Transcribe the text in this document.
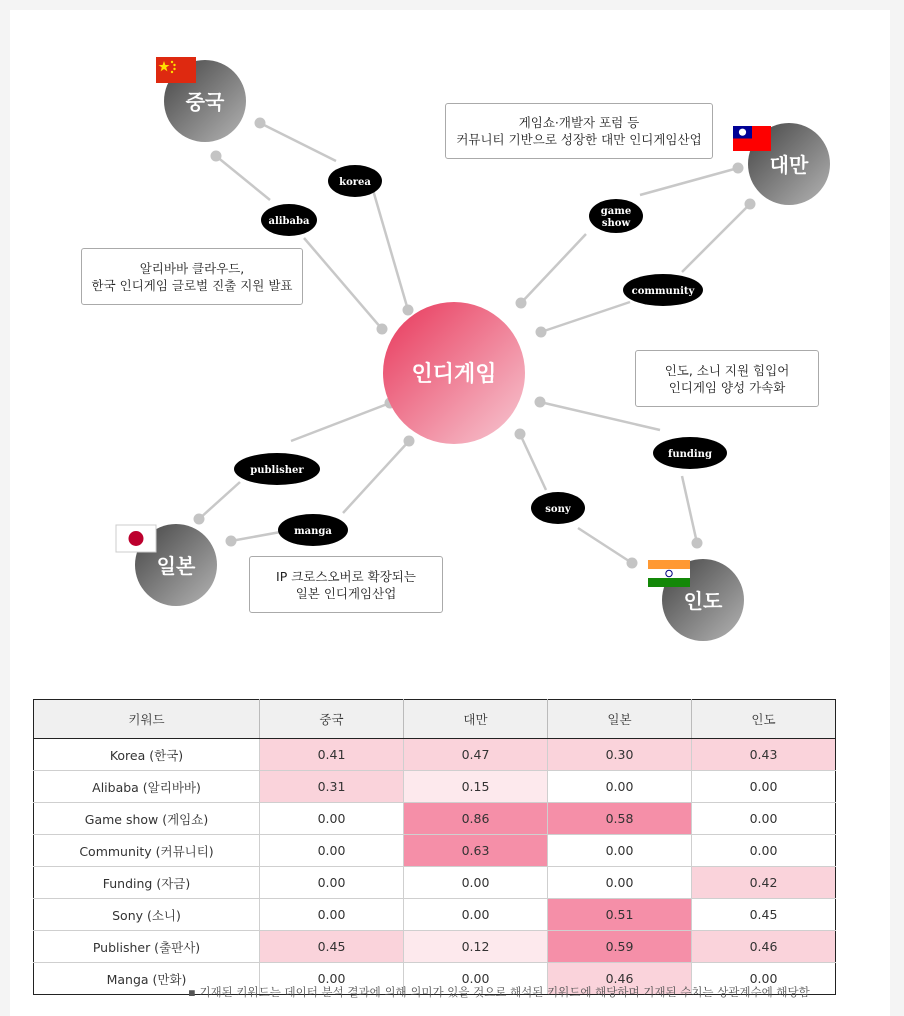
인디게임
중국
대만
일본
인도
korea
alibaba
game
show
community
publisher
manga
sony
funding
게임쇼·개발자 포럼 등
커뮤니티 기반으로 성장한 대만 인디게임산업
알리바바 클라우드,
한국 인디게임 글로벌 진출 지원 발표
인도, 소니 지원 힘입어
인디게임 양성 가속화
IP 크로스오버로 확장되는
일본 인디게임산업
키워드	중국	대만	일본	인도
Korea (한국)	0.41	0.47	0.30	0.43
Alibaba (알리바바)	0.31	0.15	0.00	0.00
Game show (게임쇼)	0.00	0.86	0.58	0.00
Community (커뮤니티)	0.00	0.63	0.00	0.00
Funding (자금)	0.00	0.00	0.00	0.42
Sony (소니)	0.00	0.00	0.51	0.45
Publisher (출판사)	0.45	0.12	0.59	0.46
Manga (만화)	0.00	0.00	0.46	0.00
▪ 기재된 키워드는 데이터 분석 결과에 의해 의미가 있을 것으로 해석된 키워드에 해당하며 기재된 수치는 상관계수에 해당함
